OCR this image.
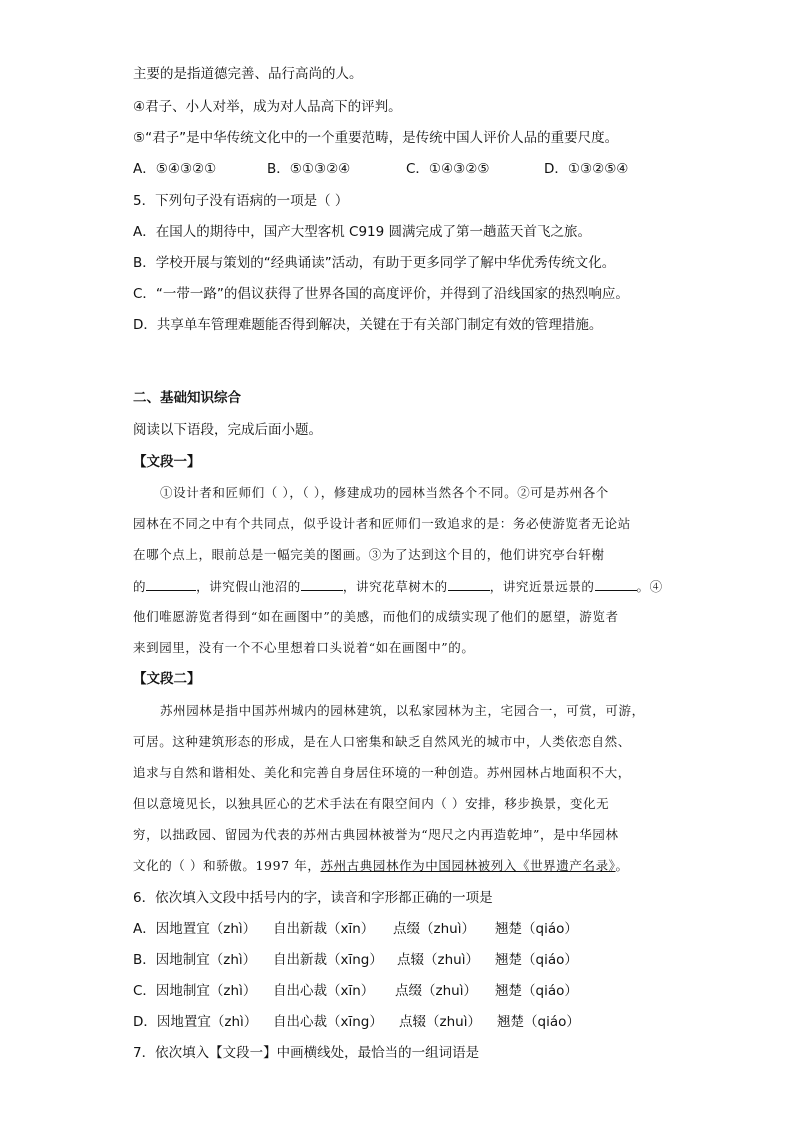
主要的是指道德完善、品行高尚的人。
④君子、小人对举，成为对人品高下的评判。
⑤“君子”是中华传统文化中的一个重要范畴，是传统中国人评价人品的重要尺度。
A．⑤④③②①	B．⑤①③②④	C．①④③②⑤	D．①③②⑤④
5．下列句子没有语病的一项是（ ）
A．在国人的期待中，国产大型客机 C919 圆满完成了第一趟蓝天首飞之旅。
B．学校开展与策划的“经典诵读”活动，有助于更多同学了解中华优秀传统文化。
C．“一带一路”的倡议获得了世界各国的高度评价，并得到了沿线国家的热烈响应。
D．共享单车管理难题能否得到解决，关键在于有关部门制定有效的管理措施。
二、基础知识综合
阅读以下语段，完成后面小题。
【文段一】
①设计者和匠师们（ ），（ ），修建成功的园林当然各个不同。②可是苏州各个
园林在不同之中有个共同点，似乎设计者和匠师们一致追求的是：务必使游览者无论站
在哪个点上，眼前总是一幅完美的图画。③为了达到这个目的，他们讲究亭台轩榭
的	，讲究假山池沼的	，讲究花草树木的	，讲究近景远景的	。④
他们唯愿游览者得到“如在画图中”的美感，而他们的成绩实现了他们的愿望，游览者
来到园里，没有一个不心里想着口头说着“如在画图中”的。
【文段二】
苏州园林是指中国苏州城内的园林建筑，以私家园林为主，宅园合一，可赏，可游，
可居。这种建筑形态的形成，是在人口密集和缺乏自然风光的城市中，人类依恋自然、
追求与自然和谐相处、美化和完善自身居住环境的一种创造。苏州园林占地面积不大，
但以意境见长，以独具匠心的艺术手法在有限空间内（ ）安排，移步换景，变化无
穷，以拙政园、留园为代表的苏州古典园林被誉为“咫尺之内再造乾坤”，是中华园林
文化的（ ）和骄傲。1997 年，苏州古典园林作为中国园林被列入《世界遗产名录》。
6．依次填入文段中括号内的字，读音和字形都正确的一项是
A．因地置宜（zhì） 自出新裁（xīn） 点缀（zhuì） 翘楚（qiáo）
B．因地制宜（zhì） 自出新裁（xīng） 点辍（zhuì） 翘楚（qiáo）
C．因地制宜（zhì） 自出心裁（xīn） 点缀（zhuì） 翘楚（qiáo）
D．因地置宜（zhì） 自出心裁（xīng） 点辍（zhuì） 翘楚（qiáo）
7．依次填入【文段一】中画横线处，最恰当的一组词语是
